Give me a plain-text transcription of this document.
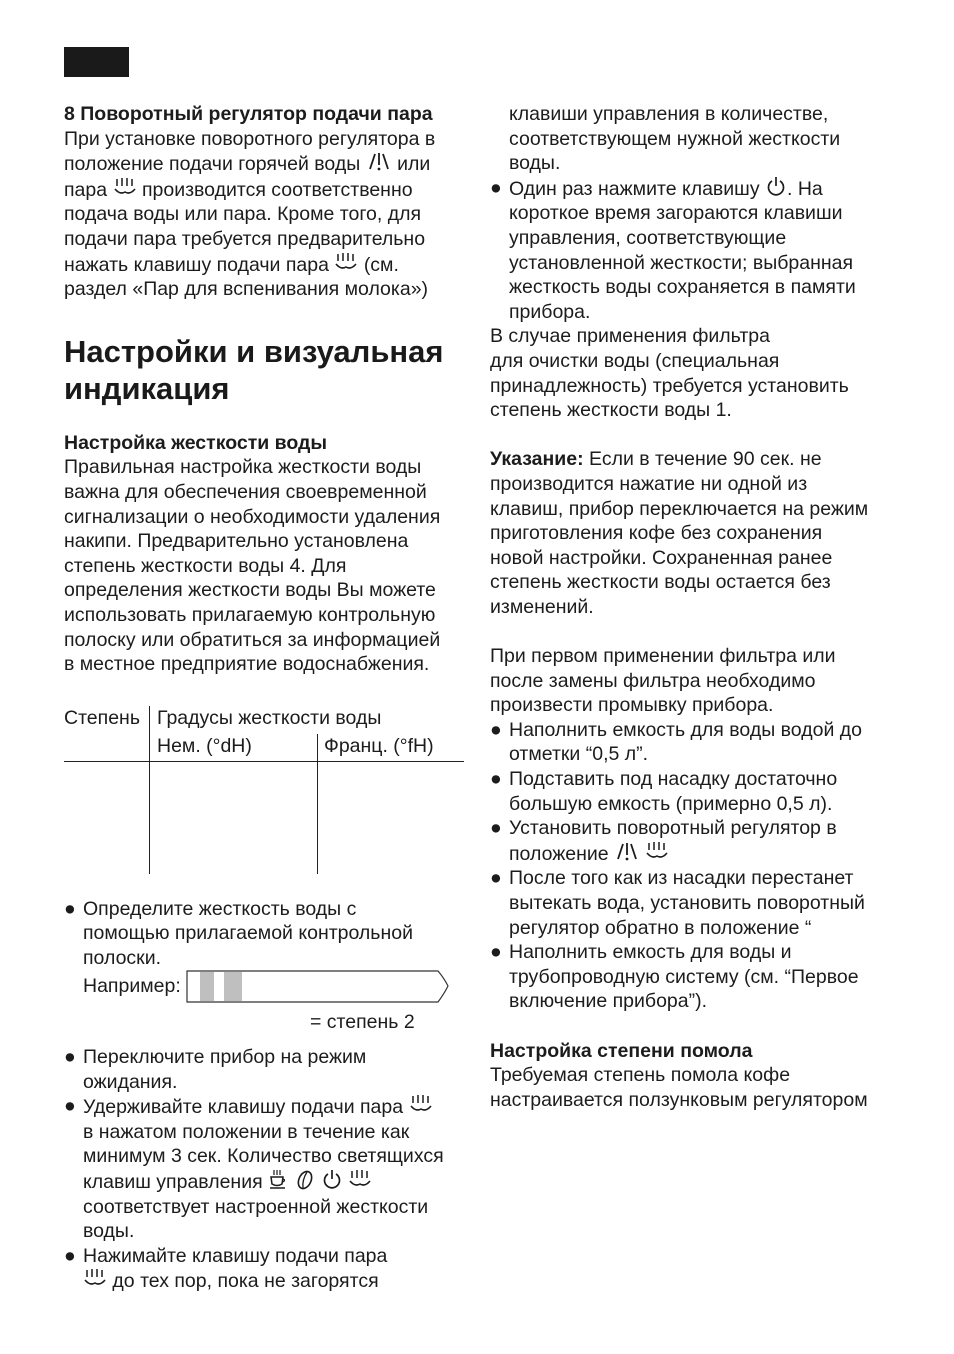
8 Поворотный регулятор подачи пара

При установке поворотного регулятора в

положение подачи горячей воды или

пара производится соответственно

подача воды или пара. Кроме того, для

подачи пара требуется предварительно

нажать клавишу подачи пара (см.

раздел «Пар для вспенивания молока»)

Настройки и визуальная
индикация

Настройка жесткости воды

Правильная настройка жесткости воды

важна для обеспечения своевременной

сигнализации о необходимости удаления

накипи. Предварительно установлена

степень жесткости воды 4. Для

определения жесткости воды Вы можете

использовать прилагаемую контрольную

полоску или обратиться за информацией

в местное предприятие водоснабжения.

Степень	Градусы жесткости воды	
	Нем. (°dH)	Франц. (°fH)

● Определите жесткость воды с

помощью прилагаемой контрольной

полоски.

Например:

= степень 2

● Переключите прибор на режим

ожидания.

● Удерживайте клавишу подачи пара

в нажатом положении в течение как

минимум 3 сек. Количество светящихся

клавиш управления

соответствует настроенной жесткости

воды.

● Нажимайте клавишу подачи пара

до тех пор, пока не загорятся

клавиши управления в количестве,

соответствующем нужной жесткости

воды.

● Один раз нажмите клавишу . На

короткое время загораются клавиши

управления, соответствующие

установленной жесткости; выбранная

жесткость воды сохраняется в памяти

прибора.

В случае применения фильтра

для очистки воды (специальная

принадлежность) требуется установить

степень жесткости воды 1.

Указание: Если в течение 90 сек. не

производится нажатие ни одной из

клавиш, прибор переключается на режим

приготовления кофе без сохранения

новой настройки. Сохраненная ранее

степень жесткости воды остается без

изменений.

При первом применении фильтра или

после замены фильтра необходимо

произвести промывку прибора.

● Наполнить емкость для воды водой до

отметки “0,5 л”.

● Подставить под насадку достаточно

большую емкость (примерно 0,5 л).

● Установить поворотный регулятор в

положение

● После того как из насадки перестанет

вытекать вода, установить поворотный

регулятор обратно в положение “

● Наполнить емкость для воды и

трубопроводную систему (см. “Первое

включение прибора”).

Настройка степени помола

Требуемая степень помола кофе

настраивается ползунковым регулятором
